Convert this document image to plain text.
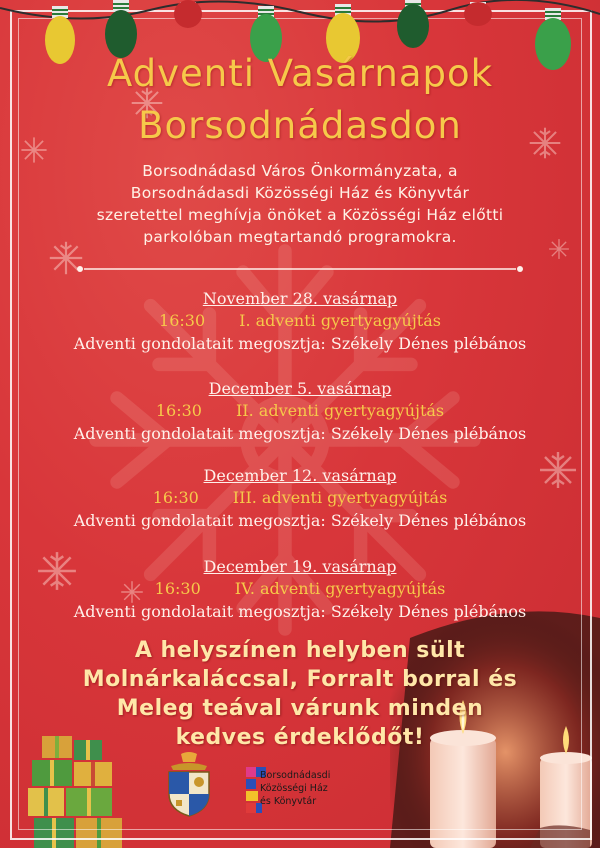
Adventi Vasárnapok
Borsodnádasdon
Borsodnádasd Város Önkormányzata, a
Borsodnádasdi Közösségi Ház és Könyvtár
szeretettel meghívja önöket a Közösségi Ház előtti
parkolóban megtartandó programokra.
November 28. vasárnap
16:30 I. adventi gyertyagyújtás
Adventi gondolatait megosztja: Székely Dénes plébános
December 5. vasárnap
16:30 II. adventi gyertyagyújtás
Adventi gondolatait megosztja: Székely Dénes plébános
December 12. vasárnap
16:30 III. adventi gyertyagyújtás
Adventi gondolatait megosztja: Székely Dénes plébános
December 19. vasárnap
16:30 IV. adventi gyertyagyújtás
Adventi gondolatait megosztja: Székely Dénes plébános
A helyszínen helyben sült
Molnárkaláccsal, Forralt borral és
Meleg teával várunk minden
kedves érdeklődőt!
Borsodnádasdi
Közösségi Ház
és Könyvtár
